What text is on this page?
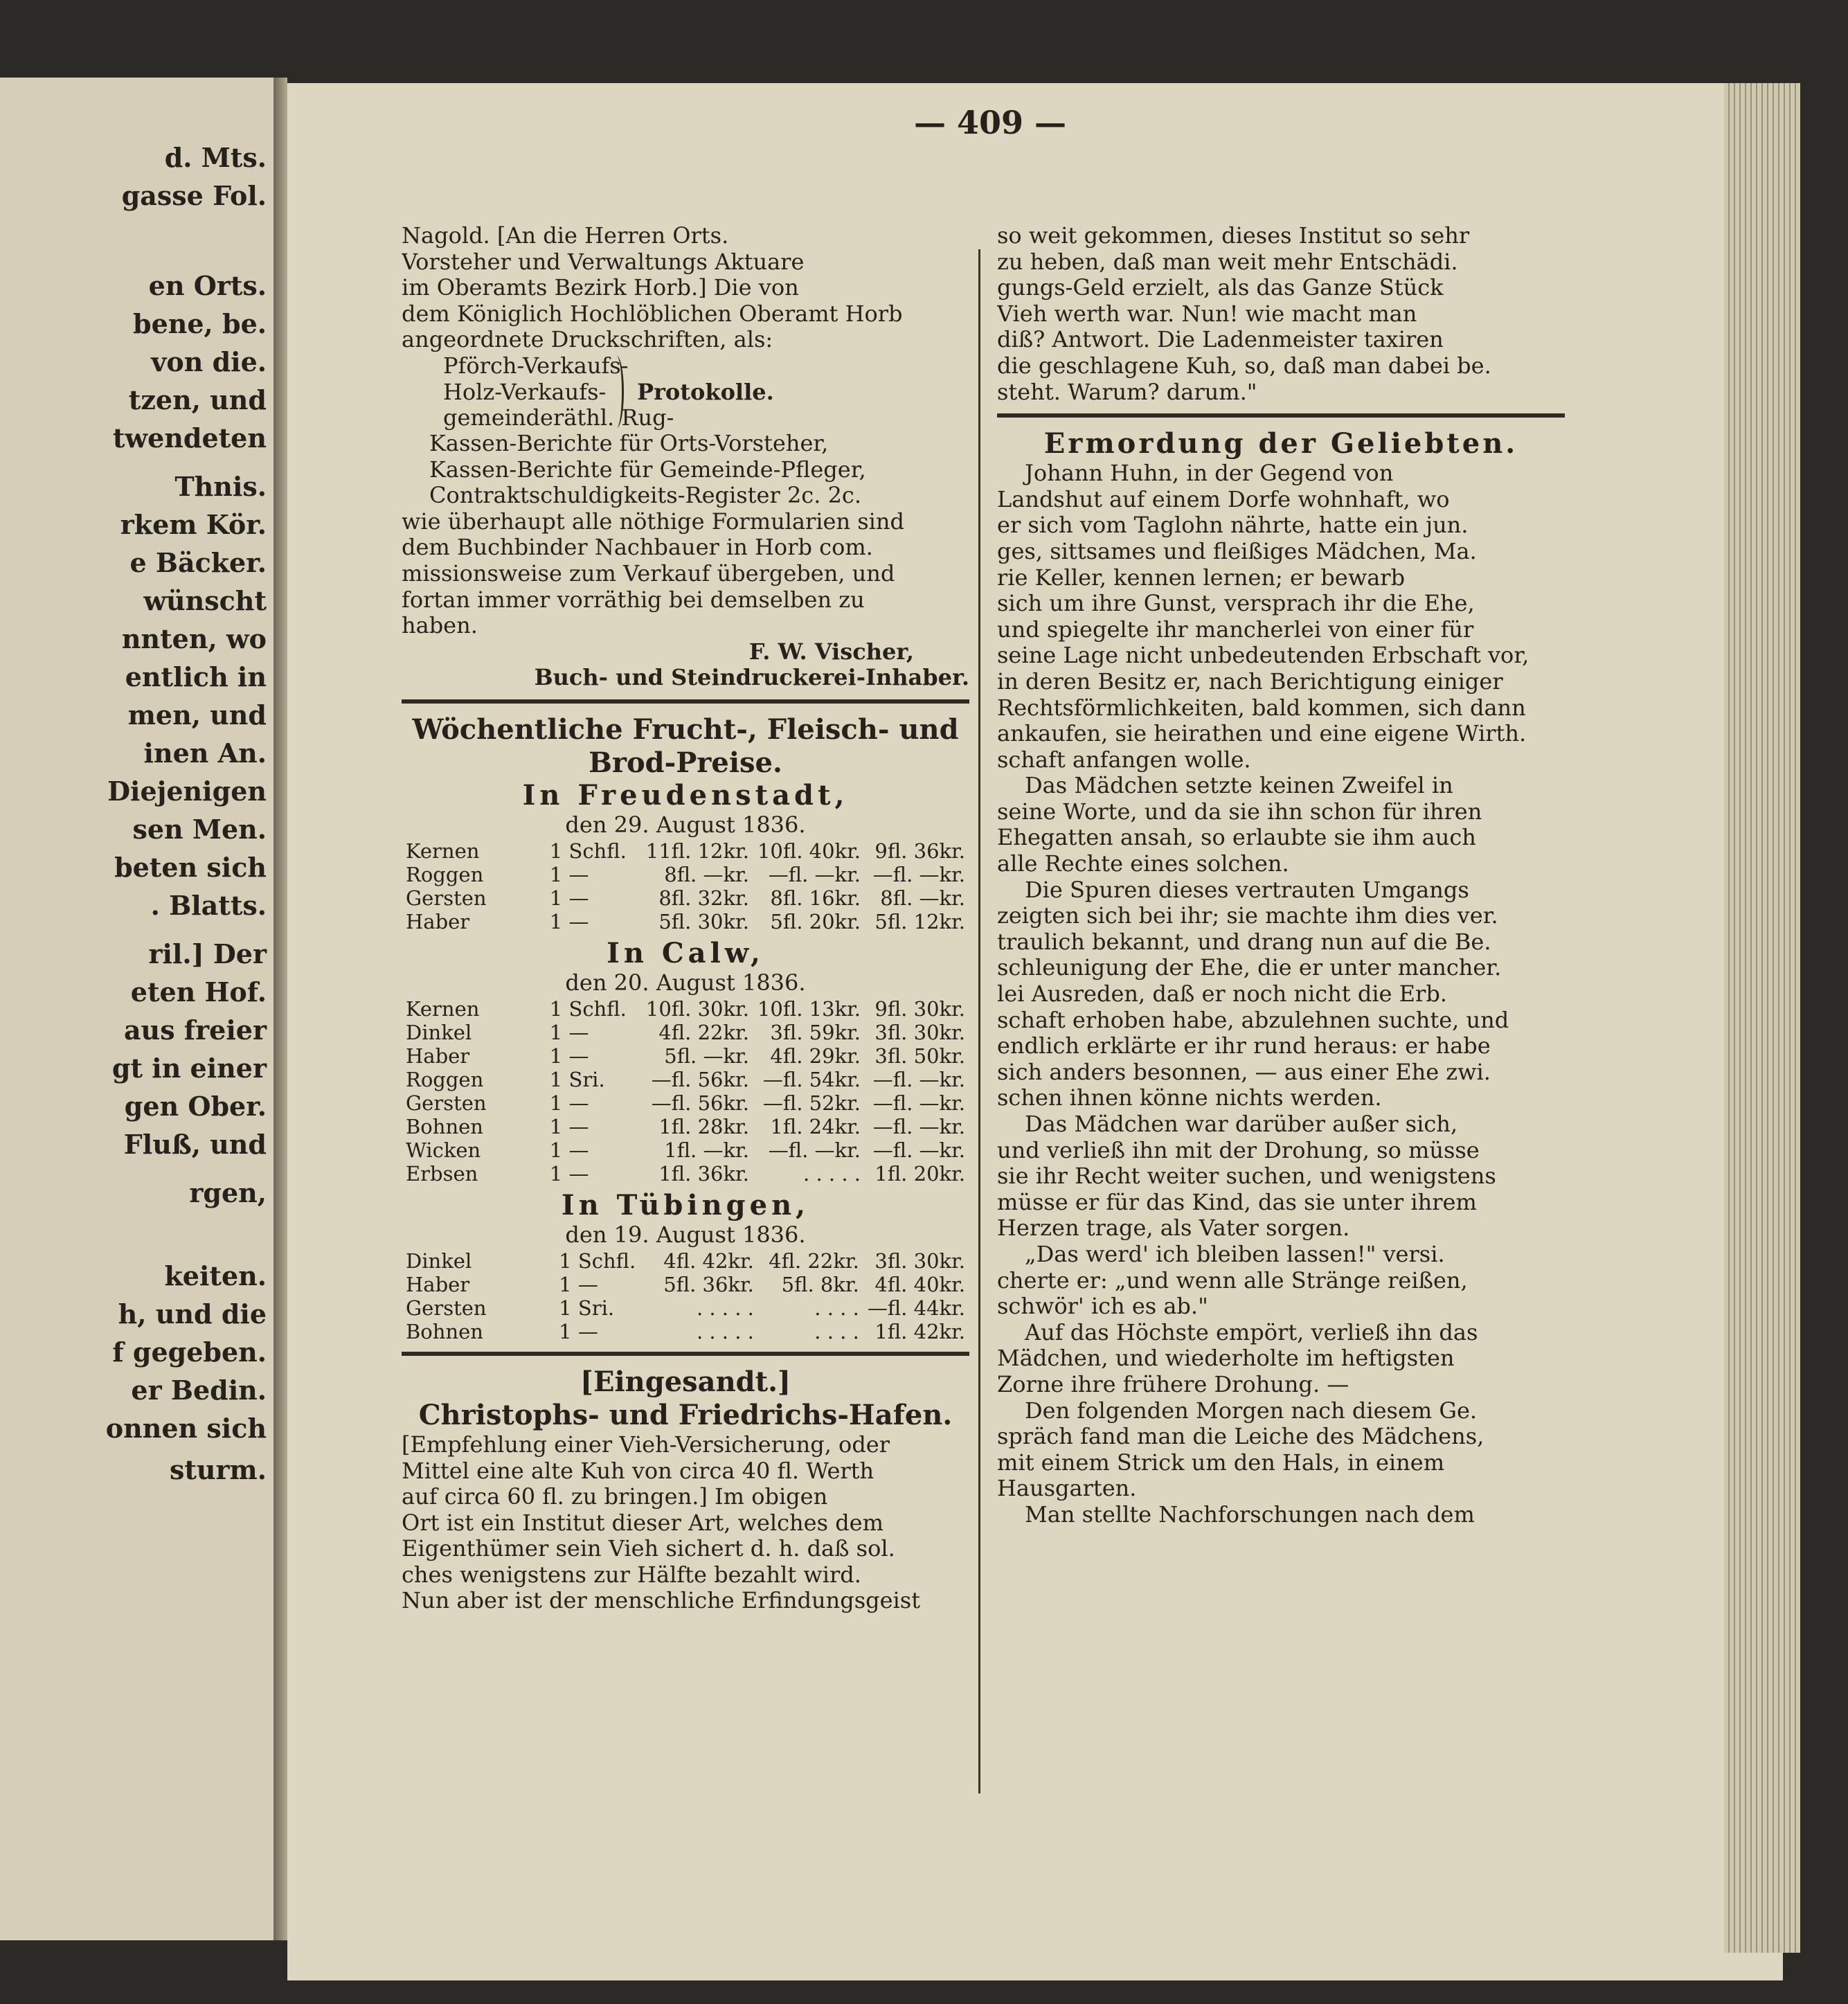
d. Mts.
gasse Fol.
en Orts.
bene, be.
von die.
tzen, und
twendeten
Thnis.
rkem Kör.
e Bäcker.
wünscht
nnten, wo
entlich in
men, und
inen An.
Diejenigen
sen Men.
beten sich
. Blatts.
ril.] Der
eten Hof.
aus freier
gt in einer
gen Ober.
Fluß, und
rgen,
keiten.
h, und die
f gegeben.
er Bedin.
onnen sich
sturm.
— 409 —
Nagold. [An die Herren Orts.
Vorsteher und Verwaltungs Aktuare
im Oberamts Bezirk Horb.] Die von
dem Königlich Hochlöblichen Oberamt Horb
angeordnete Druckschriften, als:
Pförch-Verkaufs-
Holz-Verkaufs-
gemeinderäthl. Rug-
Protokolle.
Kassen-Berichte für Orts-Vorsteher,
Kassen-Berichte für Gemeinde-Pfleger,
Contraktschuldigkeits-Register 2c. 2c.
wie überhaupt alle nöthige Formularien sind
dem Buchbinder Nachbauer in Horb com.
missionsweise zum Verkauf übergeben, und
fortan immer vorräthig bei demselben zu
haben.
F. W. Vischer,
Buch- und Steindruckerei-Inhaber.
Wöchentliche Frucht-, Fleisch- und
Brod-Preise.
In Freudenstadt,
den 29. August 1836.
Kernen	1 Schfl.	11fl. 12kr.	10fl. 40kr.	9fl. 36kr.
Roggen	1 —	8fl. —kr.	—fl. —kr.	—fl. —kr.
Gersten	1 —	8fl. 32kr.	8fl. 16kr.	8fl. —kr.
Haber	1 —	5fl. 30kr.	5fl. 20kr.	5fl. 12kr.
In Calw,
den 20. August 1836.
Kernen	1 Schfl.	10fl. 30kr.	10fl. 13kr.	9fl. 30kr.
Dinkel	1 —	4fl. 22kr.	3fl. 59kr.	3fl. 30kr.
Haber	1 —	5fl. —kr.	4fl. 29kr.	3fl. 50kr.
Roggen	1 Sri.	—fl. 56kr.	—fl. 54kr.	—fl. —kr.
Gersten	1 —	—fl. 56kr.	—fl. 52kr.	—fl. —kr.
Bohnen	1 —	1fl. 28kr.	1fl. 24kr.	—fl. —kr.
Wicken	1 —	1fl. —kr.	—fl. —kr.	—fl. —kr.
Erbsen	1 —	1fl. 36kr.	. . . . .	1fl. 20kr.
In Tübingen,
den 19. August 1836.
Dinkel	1 Schfl.	4fl. 42kr.	4fl. 22kr.	3fl. 30kr.
Haber	1 —	5fl. 36kr.	5fl. 8kr.	4fl. 40kr.
Gersten	1 Sri.	. . . . .	. . . .	—fl. 44kr.
Bohnen	1 —	. . . . .	. . . .	1fl. 42kr.
[Eingesandt.]
Christophs- und Friedrichs-Hafen.
[Empfehlung einer Vieh-Versicherung, oder
Mittel eine alte Kuh von circa 40 fl. Werth
auf circa 60 fl. zu bringen.] Im obigen
Ort ist ein Institut dieser Art, welches dem
Eigenthümer sein Vieh sichert d. h. daß sol.
ches wenigstens zur Hälfte bezahlt wird.
Nun aber ist der menschliche Erfindungsgeist
so weit gekommen, dieses Institut so sehr
zu heben, daß man weit mehr Entschädi.
gungs-Geld erzielt, als das Ganze Stück
Vieh werth war. Nun! wie macht man
diß? Antwort. Die Ladenmeister taxiren
die geschlagene Kuh, so, daß man dabei be.
steht. Warum? darum."
Ermordung der Geliebten.
Johann Huhn, in der Gegend von
Landshut auf einem Dorfe wohnhaft, wo
er sich vom Taglohn nährte, hatte ein jun.
ges, sittsames und fleißiges Mädchen, Ma.
rie Keller, kennen lernen; er bewarb
sich um ihre Gunst, versprach ihr die Ehe,
und spiegelte ihr mancherlei von einer für
seine Lage nicht unbedeutenden Erbschaft vor,
in deren Besitz er, nach Berichtigung einiger
Rechtsförmlichkeiten, bald kommen, sich dann
ankaufen, sie heirathen und eine eigene Wirth.
schaft anfangen wolle.
Das Mädchen setzte keinen Zweifel in
seine Worte, und da sie ihn schon für ihren
Ehegatten ansah, so erlaubte sie ihm auch
alle Rechte eines solchen.
Die Spuren dieses vertrauten Umgangs
zeigten sich bei ihr; sie machte ihm dies ver.
traulich bekannt, und drang nun auf die Be.
schleunigung der Ehe, die er unter mancher.
lei Ausreden, daß er noch nicht die Erb.
schaft erhoben habe, abzulehnen suchte, und
endlich erklärte er ihr rund heraus: er habe
sich anders besonnen, — aus einer Ehe zwi.
schen ihnen könne nichts werden.
Das Mädchen war darüber außer sich,
und verließ ihn mit der Drohung, so müsse
sie ihr Recht weiter suchen, und wenigstens
müsse er für das Kind, das sie unter ihrem
Herzen trage, als Vater sorgen.
„Das werd' ich bleiben lassen!" versi.
cherte er: „und wenn alle Stränge reißen,
schwör' ich es ab."
Auf das Höchste empört, verließ ihn das
Mädchen, und wiederholte im heftigsten
Zorne ihre frühere Drohung. —
Den folgenden Morgen nach diesem Ge.
spräch fand man die Leiche des Mädchens,
mit einem Strick um den Hals, in einem
Hausgarten.
Man stellte Nachforschungen nach dem
